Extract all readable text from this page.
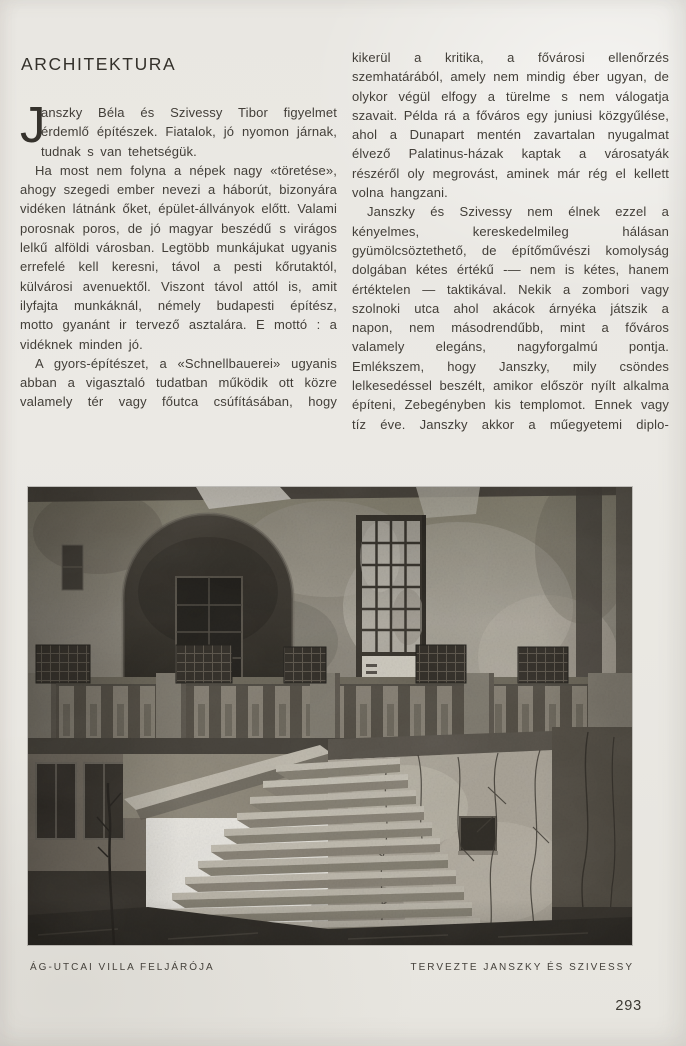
ARCHITEKTURA

J
anszky Béla és Szivessy Tibor figyelmet érdemlő építészek. Fiatalok, jó nyomon járnak, tudnak s van tehetségük.

Ha most nem folyna a népek nagy «töretése», ahogy szegedi ember nevezi a háborút, bizonyára vidéken látnánk őket, épület-állványok előtt. Valami porosnak poros, de jó magyar beszédű s virágos lelkű alföldi városban. Legtöbb munkájukat ugyanis errefelé kell keresni, távol a pesti kőrutaktól, külvárosi avenuektől. Viszont távol attól is, amit ilyfajta munkáknál, némely budapesti építész, motto gyanánt ir tervező asztalára. E mottó : a vidéknek minden jó.

A gyors-építészet, a «Schnellbauerei» ugyanis abban a vigasztaló tudatban működik ott közre valamely tér vagy főutca csúfításában, hogy

kikerül a kritika, a fővárosi ellenőrzés szemhatárából, amely nem mindig éber ugyan, de olykor végül elfogy a türelme s nem válogatja szavait. Példa rá a főváros egy juniusi közgyűlése, ahol a Dunapart mentén zavartalan nyugalmat élvező Palatinus-házak kaptak a városatyák részéről oly megrovást, aminek már rég el kellett volna hangzani.

Janszky és Szivessy nem élnek ezzel a kényelmes, kereskedelmileg hálásan gyümölcsöztethető, de építőművészi komolyság dolgában kétes értékű -— nem is kétes, hanem értéktelen — taktikával. Nekik a zombori vagy szolnoki utca ahol akácok árnyéka játszik a napon, nem másodrendűbb, mint a főváros valamely elegáns, nagyforgalmú pontja. Emlékszem, hogy Janszky, mily csöndes lelkesedéssel beszélt, amikor először nyílt alkalma építeni, Zebegényben kis templomot. Ennek vagy tíz éve. Janszky akkor a műegyetemi diplo-

ÁG-UTCAI VILLA FELJÁRÓJA	TERVEZTE JANSZKY ÉS SZIVESSY
293
